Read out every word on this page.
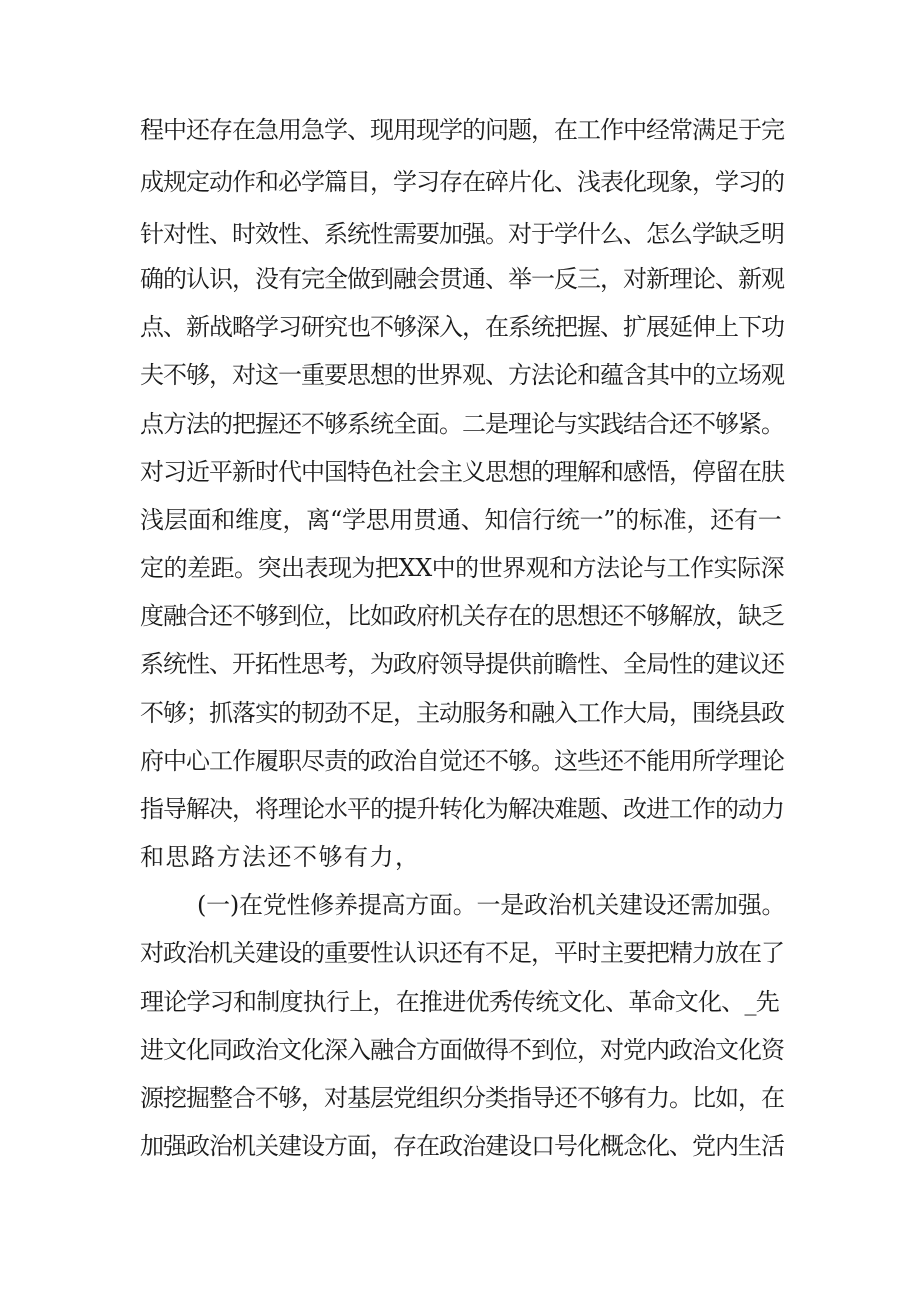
程中还存在急用急学、现用现学的问题，在工作中经常满足于完
成规定动作和必学篇目，学习存在碎片化、浅表化现象，学习的
针对性、时效性、系统性需要加强。对于学什么、怎么学缺乏明
确的认识，没有完全做到融会贯通、举一反三，对新理论、新观
点、新战略学习研究也不够深入，在系统把握、扩展延伸上下功
夫不够，对这一重要思想的世界观、方法论和蕴含其中的立场观
点方法的把握还不够系统全面。二是理论与实践结合还不够紧。
对习近平新时代中国特色社会主义思想的理解和感悟，停留在肤
浅层面和维度，离“学思用贯通、知信行统一”的标准，还有一
定的差距。突出表现为把XX中的世界观和方法论与工作实际深
度融合还不够到位，比如政府机关存在的思想还不够解放，缺乏
系统性、开拓性思考，为政府领导提供前瞻性、全局性的建议还
不够；抓落实的韧劲不足，主动服务和融入工作大局，围绕县政
府中心工作履职尽责的政治自觉还不够。这些还不能用所学理论
指导解决，将理论水平的提升转化为解决难题、改进工作的动力
和思路方法还不够有力，
(一)在党性修养提高方面。一是政治机关建设还需加强。
对政治机关建设的重要性认识还有不足，平时主要把精力放在了
理论学习和制度执行上，在推进优秀传统文化、革命文化、_先
进文化同政治文化深入融合方面做得不到位，对党内政治文化资
源挖掘整合不够，对基层党组织分类指导还不够有力。比如，在
加强政治机关建设方面，存在政治建设口号化概念化、党内生活
